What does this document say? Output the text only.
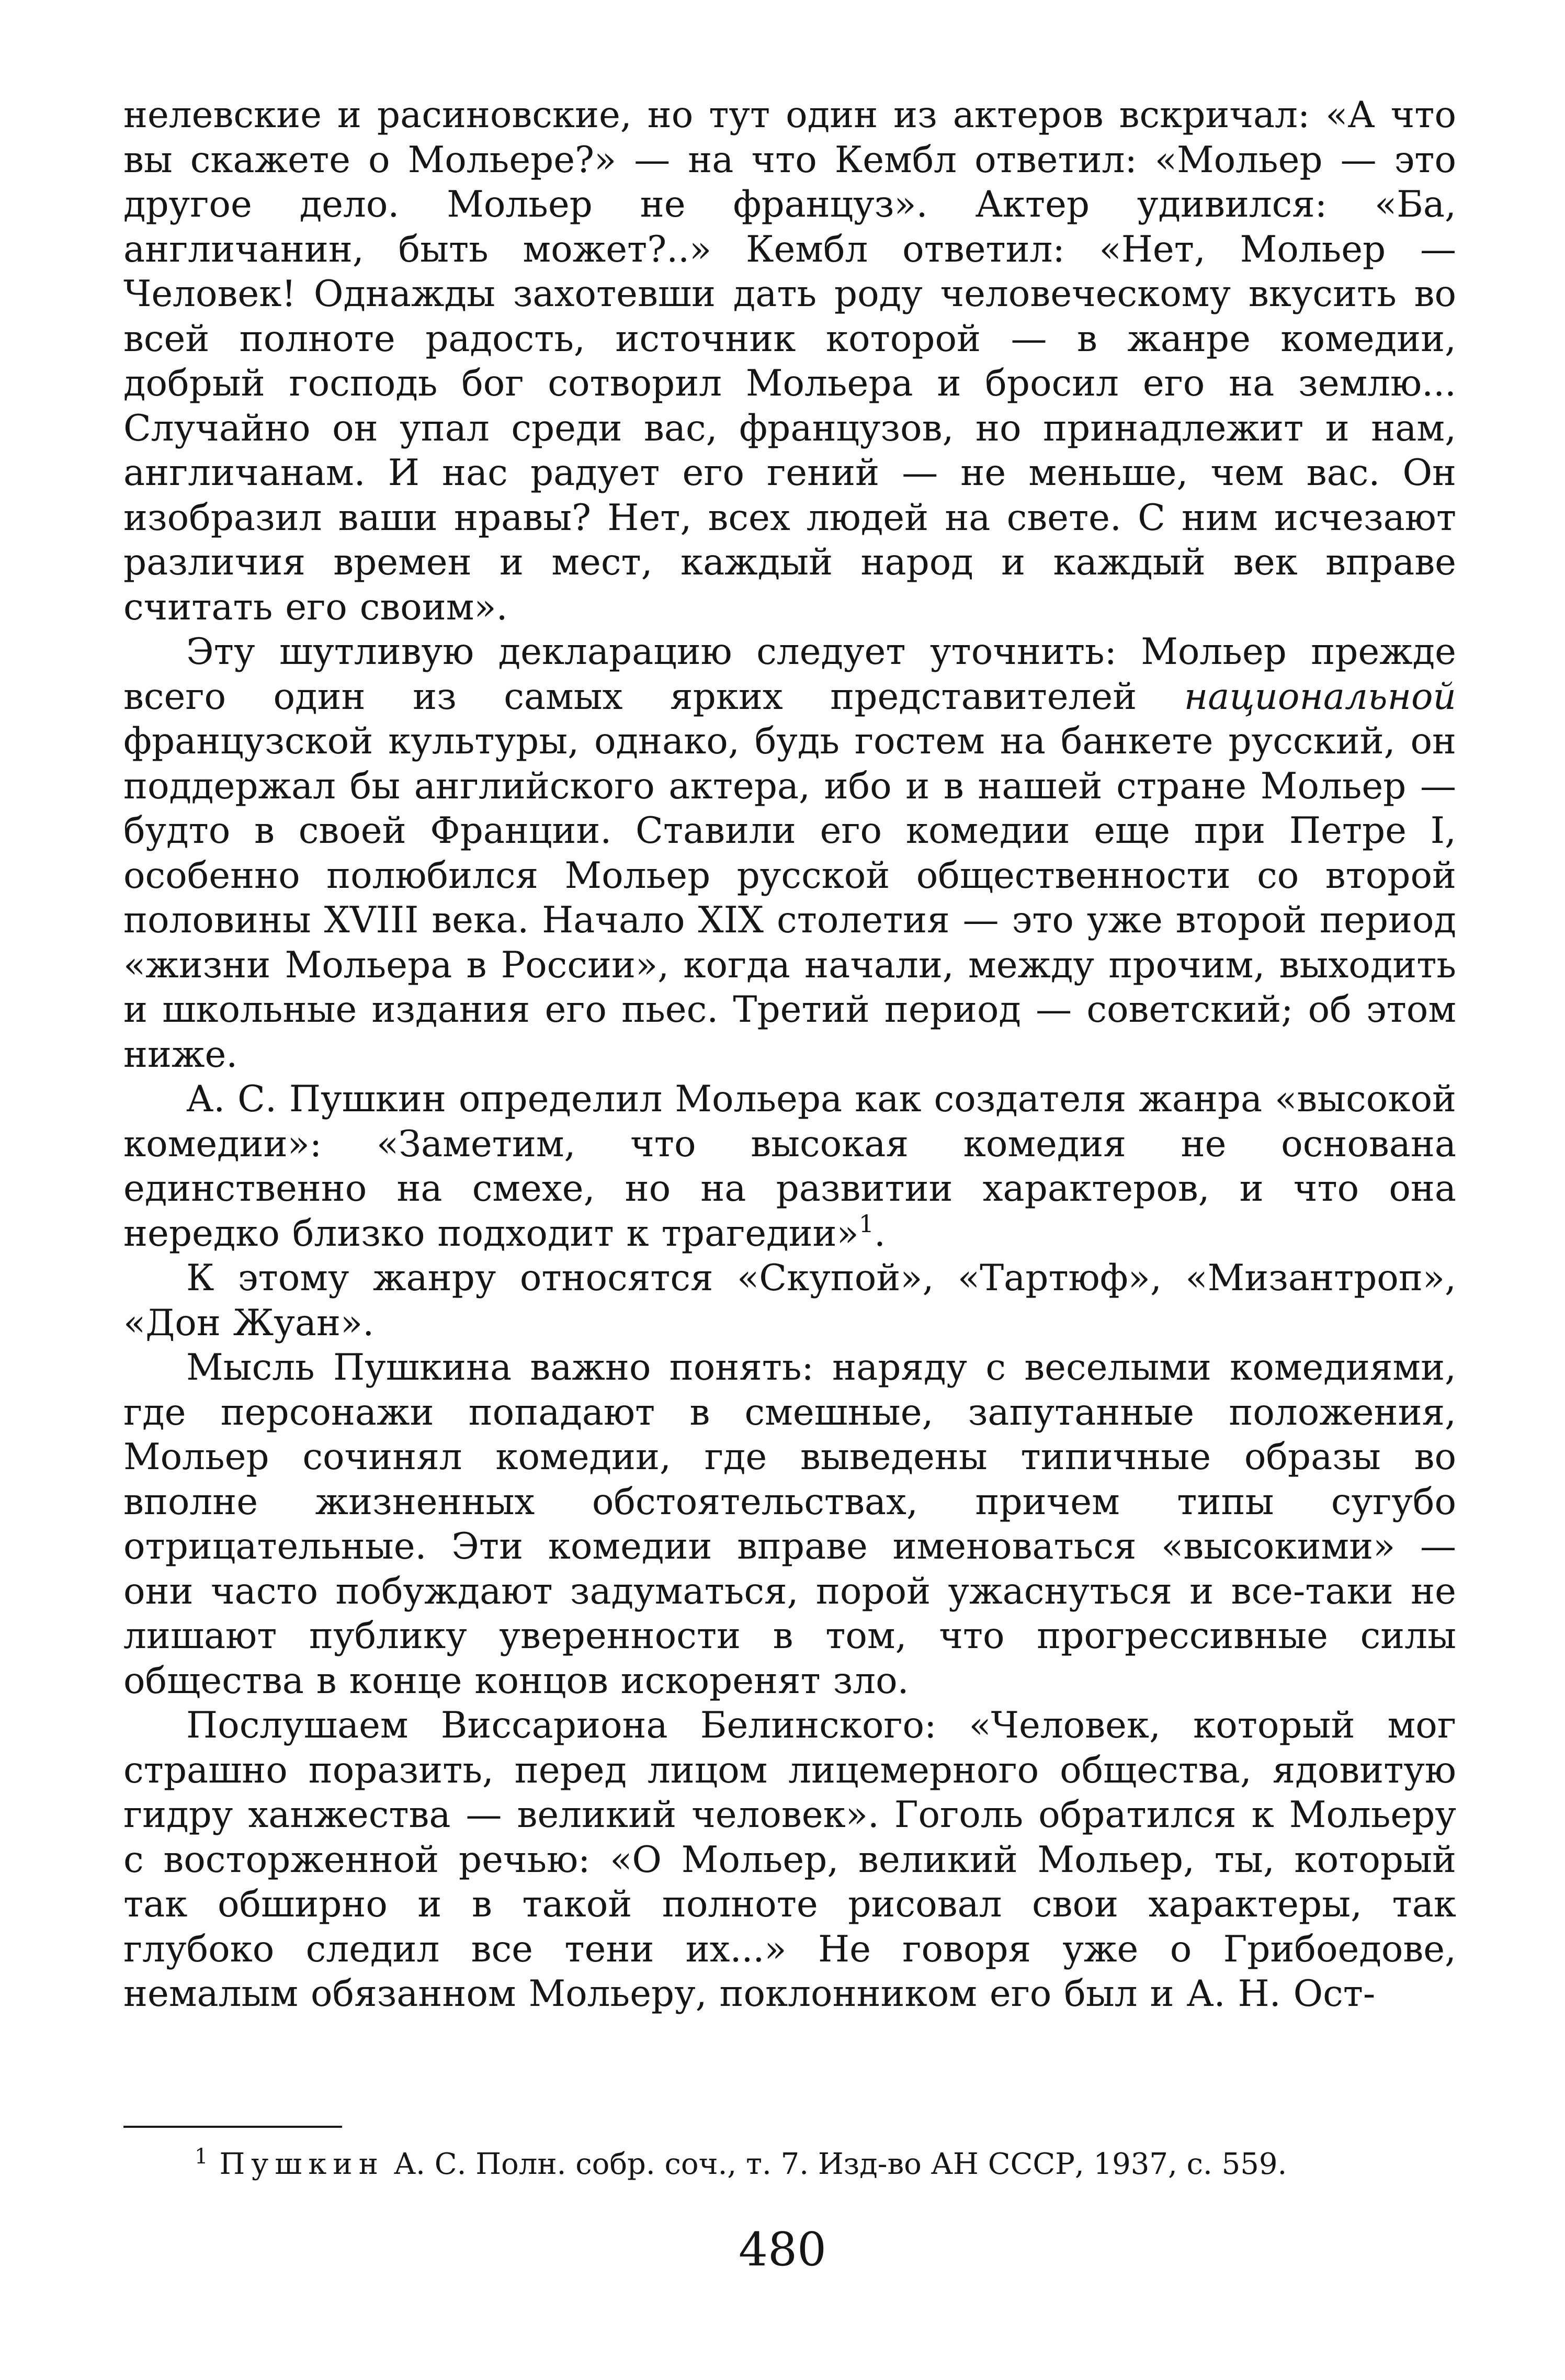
нелевские и расиновские, но тут один из актеров вскричал: «А что вы скажете о Мольере?» — на что Кембл ответил: «Мольер — это другое дело. Мольер не француз». Актер удивился: «Ба, англичанин, быть может?..» Кембл ответил: «Нет, Мольер — Человек! Однажды захотевши дать роду человеческому вкусить во всей полноте радость, источник которой — в жанре комедии, добрый господь бог сотворил Мольера и бросил его на землю... Случайно он упал среди вас, французов, но принадлежит и нам, англичанам. И нас радует его гений — не меньше, чем вас. Он изобразил ваши нравы? Нет, всех людей на свете. С ним исчезают различия времен и мест, каждый народ и каждый век вправе считать его своим».

Эту шутливую декларацию следует уточнить: Мольер прежде всего один из самых ярких представителей национальной французской культуры, однако, будь гостем на банкете русский, он поддержал бы английского актера, ибо и в нашей стране Мольер — будто в своей Франции. Ставили его комедии еще при Петре I, особенно полюбился Мольер русской общественности со второй половины XVIII века. Начало XIX столетия — это уже второй период «жизни Мольера в России», когда начали, между прочим, выходить и школьные издания его пьес. Третий период — советский; об этом ниже.

А. С. Пушкин определил Мольера как создателя жанра «высокой комедии»: «Заметим, что высокая комедия не основана единственно на смехе, но на развитии характеров, и что она нередко близко подходит к трагедии»$^1$.

К этому жанру относятся «Скупой», «Тартюф», «Мизантроп», «Дон Жуан».

Мысль Пушкина важно понять: наряду с веселыми комедиями, где персонажи попадают в смешные, запутанные положения, Мольер сочинял комедии, где выведены типичные образы во вполне жизненных обстоятельствах, причем типы сугубо отрицательные. Эти комедии вправе именоваться «высокими» — они часто побуждают задуматься, порой ужаснуться и все-таки не лишают публику уверенности в том, что прогрессивные силы общества в конце концов искоренят зло.

Послушаем Виссариона Белинского: «Человек, который мог страшно поразить, перед лицом лицемерного общества, ядовитую гидру ханжества — великий человек». Гоголь обратился к Мольеру с восторженной речью: «О Мольер, великий Мольер, ты, который так обширно и в такой полноте рисовал свои характеры, так глубоко следил все тени их...» Не говоря уже о Грибоедове, немалым обязанном Мольеру, поклонником его был и А. Н. Ост-

$^1$ Пушкин А. С. Полн. собр. соч., т. 7. Изд-во АН СССР, 1937, с. 559.
480
